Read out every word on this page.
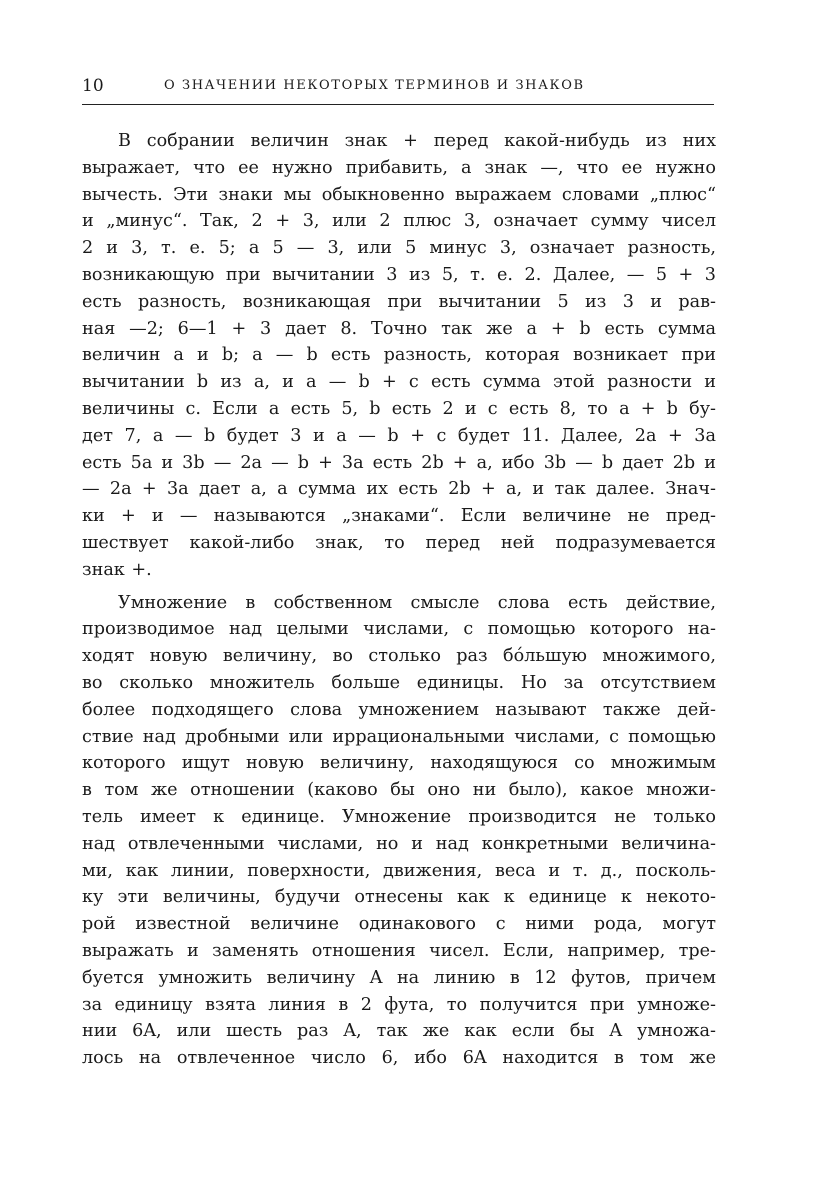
10	О ЗНАЧЕНИИ НЕКОТОРЫХ ТЕРМИНОВ И ЗНАКОВ
В собрании величин знак + перед какой-нибудь из них
выражает, что ее нужно прибавить, а знак —, что ее нужно
вычесть. Эти знаки мы обыкновенно выражаем словами „плюс“
и „минус“. Так, 2 + 3, или 2 плюс 3, означает сумму чисел
2 и 3, т. е. 5; а 5 — 3, или 5 минус 3, означает разность,
возникающую при вычитании 3 из 5, т. е. 2. Далее, — 5 + 3
есть разность, возникающая при вычитании 5 из 3 и рав-
ная —2; 6—1 + 3 дает 8. Точно так же a + b есть сумма
величин a и b; a — b есть разность, которая возникает при
вычитании b из a, и a — b + c есть сумма этой разности и
величины c. Если a есть 5, b есть 2 и c есть 8, то a + b бу-
дет 7, a — b будет 3 и a — b + c будет 11. Далее, 2a + 3a
есть 5a и 3b — 2a — b + 3a есть 2b + a, ибо 3b — b дает 2b и
— 2a + 3a дает a, а сумма их есть 2b + a, и так далее. Знач-
ки + и — называются „знаками“. Если величине не пред-
шествует какой-либо знак, то перед ней подразумевается
знак +.
Умножение в собственном смысле слова есть действие,
производимое над целыми числами, с помощью которого на-
ходят новую величину, во столько раз бо́льшую множимого,
во сколько множитель больше единицы. Но за отсутствием
более подходящего слова умножением называют также дей-
ствие над дробными или иррациональными числами, с помощью
которого ищут новую величину, находящуюся со множимым
в том же отношении (каково бы оно ни было), какое множи-
тель имеет к единице. Умножение производится не только
над отвлеченными числами, но и над конкретными величина-
ми, как линии, поверхности, движения, веса и т. д., посколь-
ку эти величины, будучи отнесены как к единице к некото-
рой известной величине одинакового с ними рода, могут
выражать и заменять отношения чисел. Если, например, тре-
буется умножить величину A на линию в 12 футов, причем
за единицу взята линия в 2 фута, то получится при умноже-
нии 6A, или шесть раз A, так же как если бы A умножа-
лось на отвлеченное число 6, ибо 6A находится в том же
